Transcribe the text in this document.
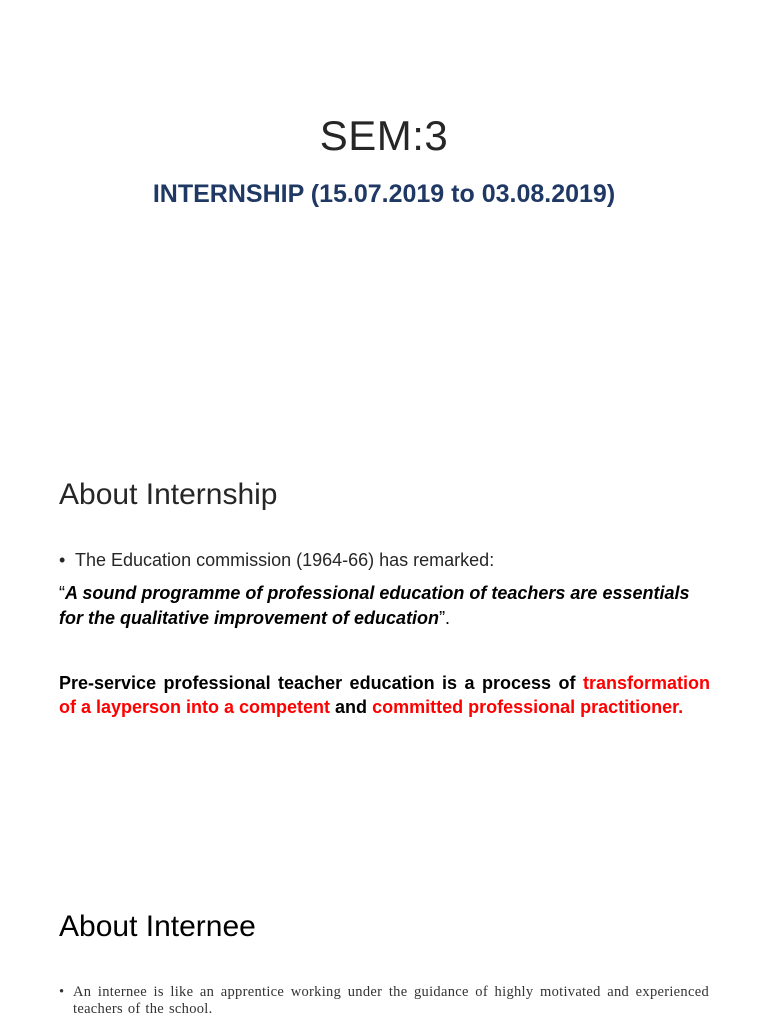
SEM:3
INTERNSHIP (15.07.2019 to 03.08.2019)
About Internship
• The Education commission (1964-66) has remarked:
“A sound programme of professional education of teachers are essentials for the qualitative improvement of education”.
Pre-service professional teacher education is a process of transformation of a layperson into a competent and committed professional practitioner.
About Internee
• An internee is like an apprentice working under the guidance of highly motivated and experienced teachers of the school.
